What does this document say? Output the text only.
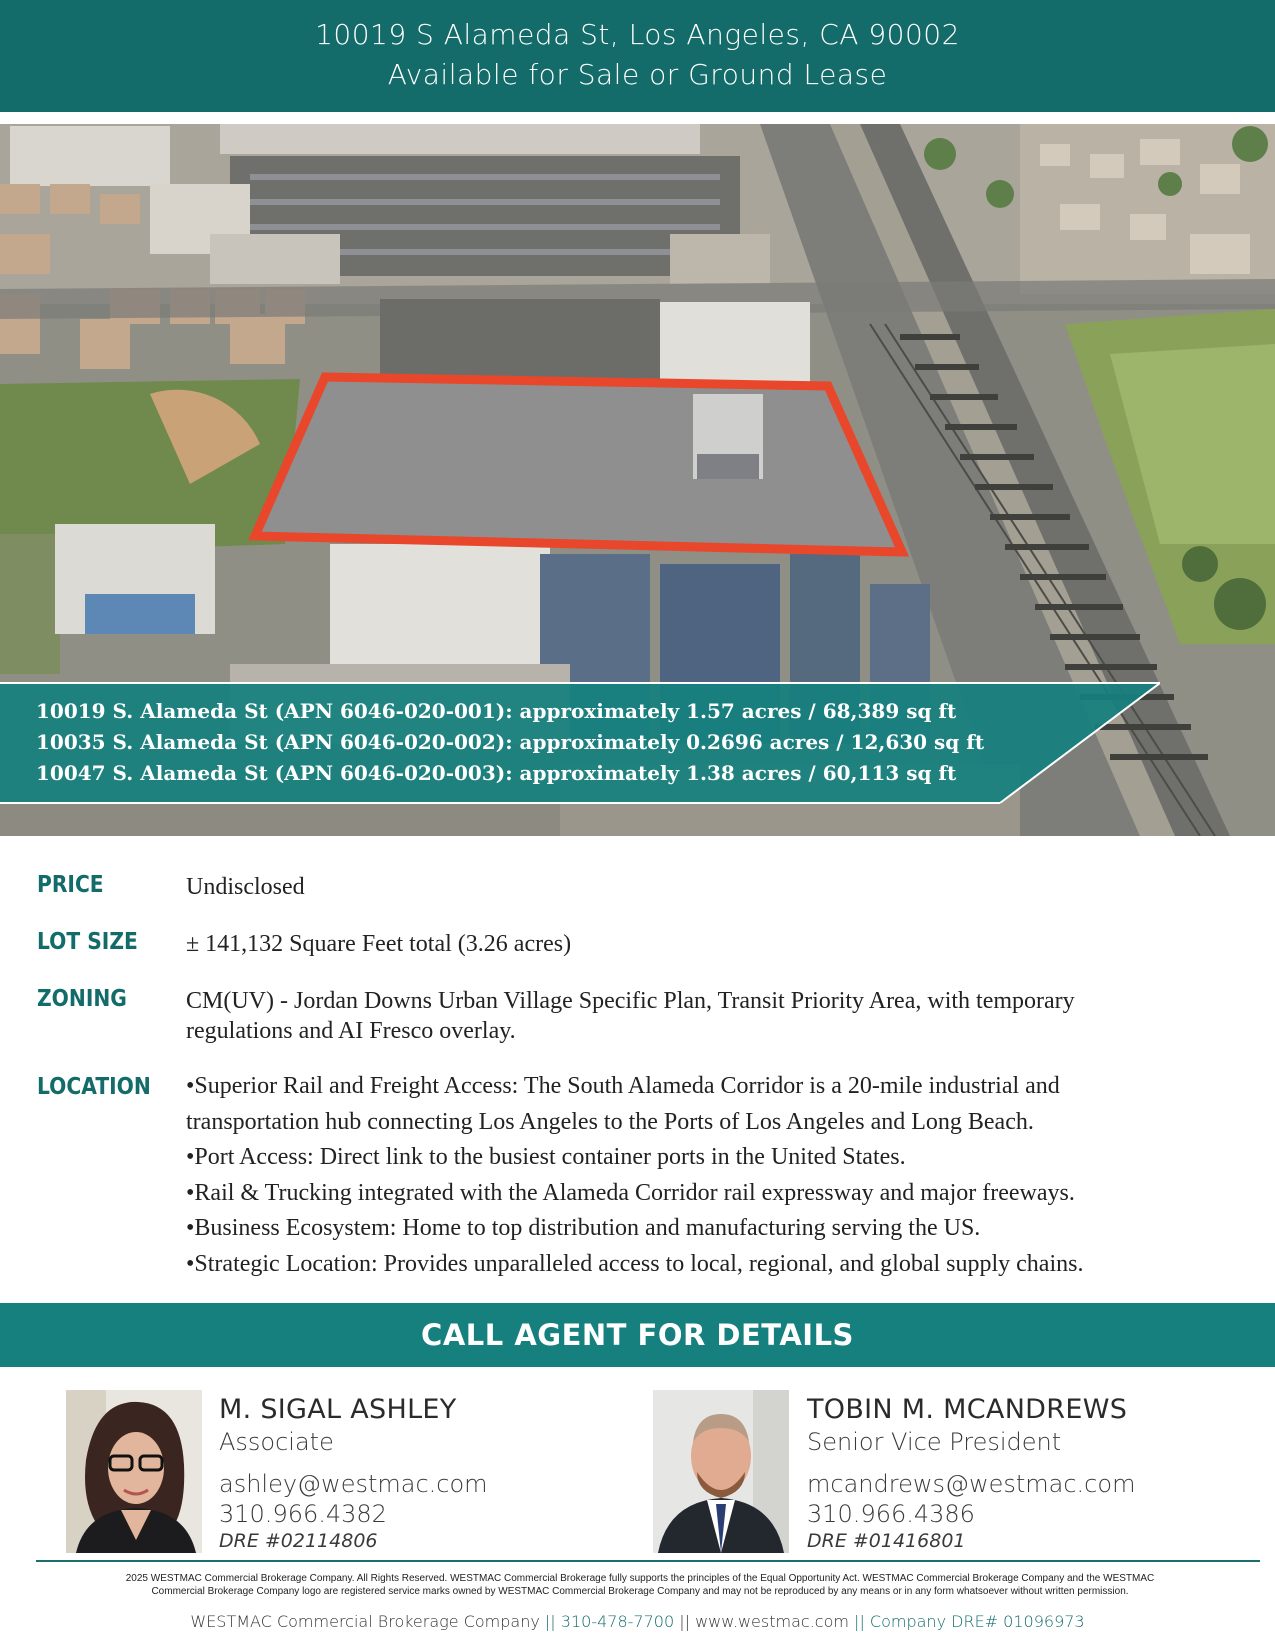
10019 S Alameda St, Los Angeles, CA 90002
Available for Sale or Ground Lease
10019 S. Alameda St (APN 6046-020-001): approximately 1.57 acres / 68,389 sq ft
10035 S. Alameda St (APN 6046-020-002): approximately 0.2696 acres / 12,630 sq ft
10047 S. Alameda St (APN 6046-020-003): approximately 1.38 acres / 60,113 sq ft
PRICE	Undisclosed
LOT SIZE ± 141,132 Square Feet total (3.26 acres)
ZONING CM(UV) - Jordan Downs Urban Village Specific Plan, Transit Priority Area, with temporary regulations and AI Fresco overlay.
LOCATION •Superior Rail and Freight Access: The South Alameda Corridor is a 20-mile industrial and
transportation hub connecting Los Angeles to the Ports of Los Angeles and Long Beach.
•Port Access: Direct link to the busiest container ports in the United States.
•Rail & Trucking integrated with the Alameda Corridor rail expressway and major freeways.
•Business Ecosystem: Home to top distribution and manufacturing serving the US.
•Strategic Location: Provides unparalleled access to local, regional, and global supply chains.
CALL AGENT FOR DETAILS
M. SIGAL ASHLEY
Associate
ashley@westmac.com
310.966.4382
DRE #02114806
TOBIN M. MCANDREWS
Senior Vice President
mcandrews@westmac.com
310.966.4386
DRE #01416801
2025 WESTMAC Commercial Brokerage Company. All Rights Reserved. WESTMAC Commercial Brokerage fully supports the principles of the Equal Opportunity Act. WESTMAC Commercial Brokerage Company and the WESTMAC
Commercial Brokerage Company logo are registered service marks owned by WESTMAC Commercial Brokerage Company and may not be reproduced by any means or in any form whatsoever without written permission.
WESTMAC Commercial Brokerage Company || 310-478-7700 || www.westmac.com || Company DRE# 01096973
